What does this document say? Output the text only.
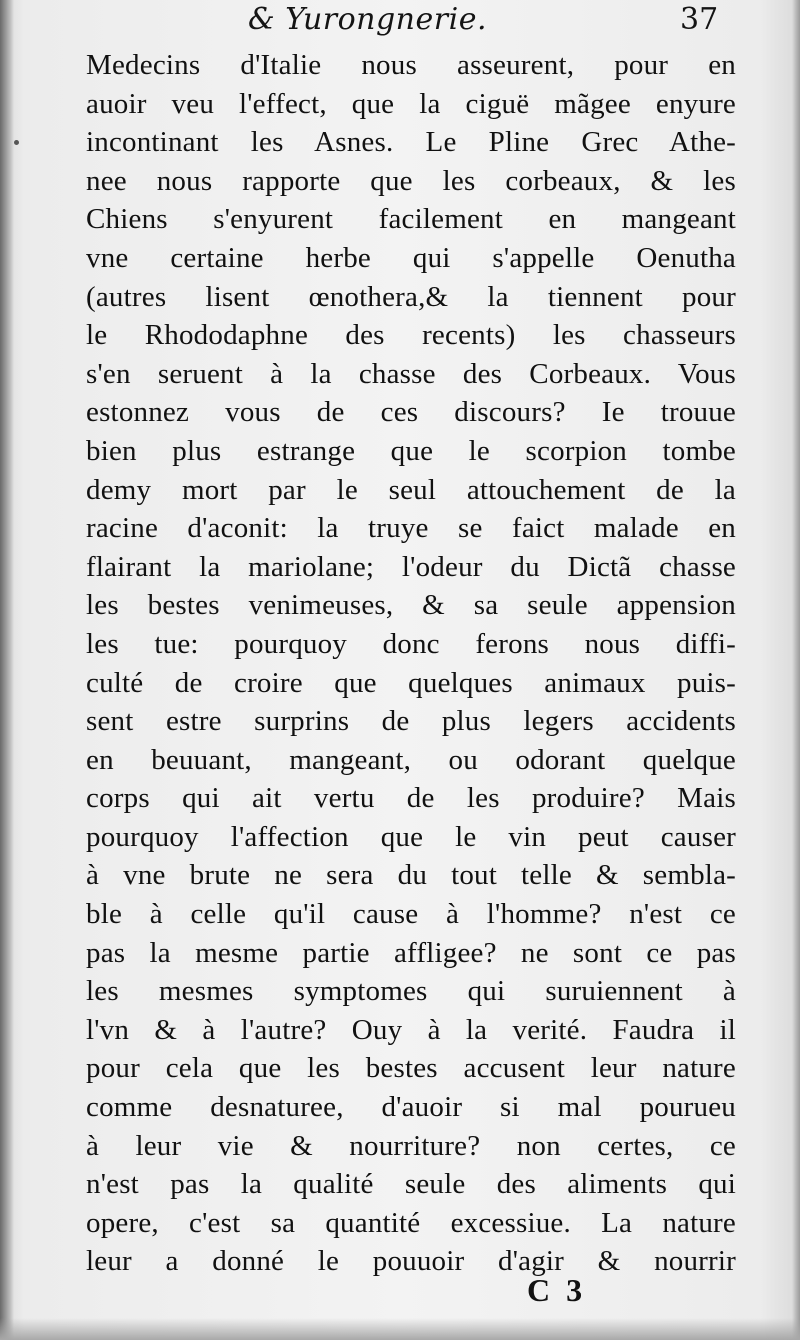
& Yurongnerie.	37
Medecins d'Italie nous asseurent, pour en
auoir veu l'effect, que la ciguë mãgee enyure
incontinant les Asnes. Le Pline Grec Athe-
nee nous rapporte que les corbeaux, & les
Chiens s'enyurent facilement en mangeant
vne certaine herbe qui s'appelle Oenutha
(autres lisent œnothera,& la tiennent pour
le Rhododaphne des recents) les chasseurs
s'en seruent à la chasse des Corbeaux. Vous
estonnez vous de ces discours? Ie trouue
bien plus estrange que le scorpion tombe
demy mort par le seul attouchement de la
racine d'aconit: la truye se faict malade en
flairant la mariolane; l'odeur du Dictã chasse
les bestes venimeuses, & sa seule appension
les tue: pourquoy donc ferons nous diffi-
culté de croire que quelques animaux puis-
sent estre surprins de plus legers accidents
en beuuant, mangeant, ou odorant quelque
corps qui ait vertu de les produire? Mais
pourquoy l'affection que le vin peut causer
à vne brute ne sera du tout telle & sembla-
ble à celle qu'il cause à l'homme? n'est ce
pas la mesme partie affligee? ne sont ce pas
les mesmes symptomes qui suruiennent à
l'vn & à l'autre? Ouy à la verité. Faudra il
pour cela que les bestes accusent leur nature
comme desnaturee, d'auoir si mal pourueu
à leur vie & nourriture? non certes, ce
n'est pas la qualité seule des aliments qui
opere, c'est sa quantité excessiue. La nature
leur a donné le pouuoir d'agir & nourrir
C 3
